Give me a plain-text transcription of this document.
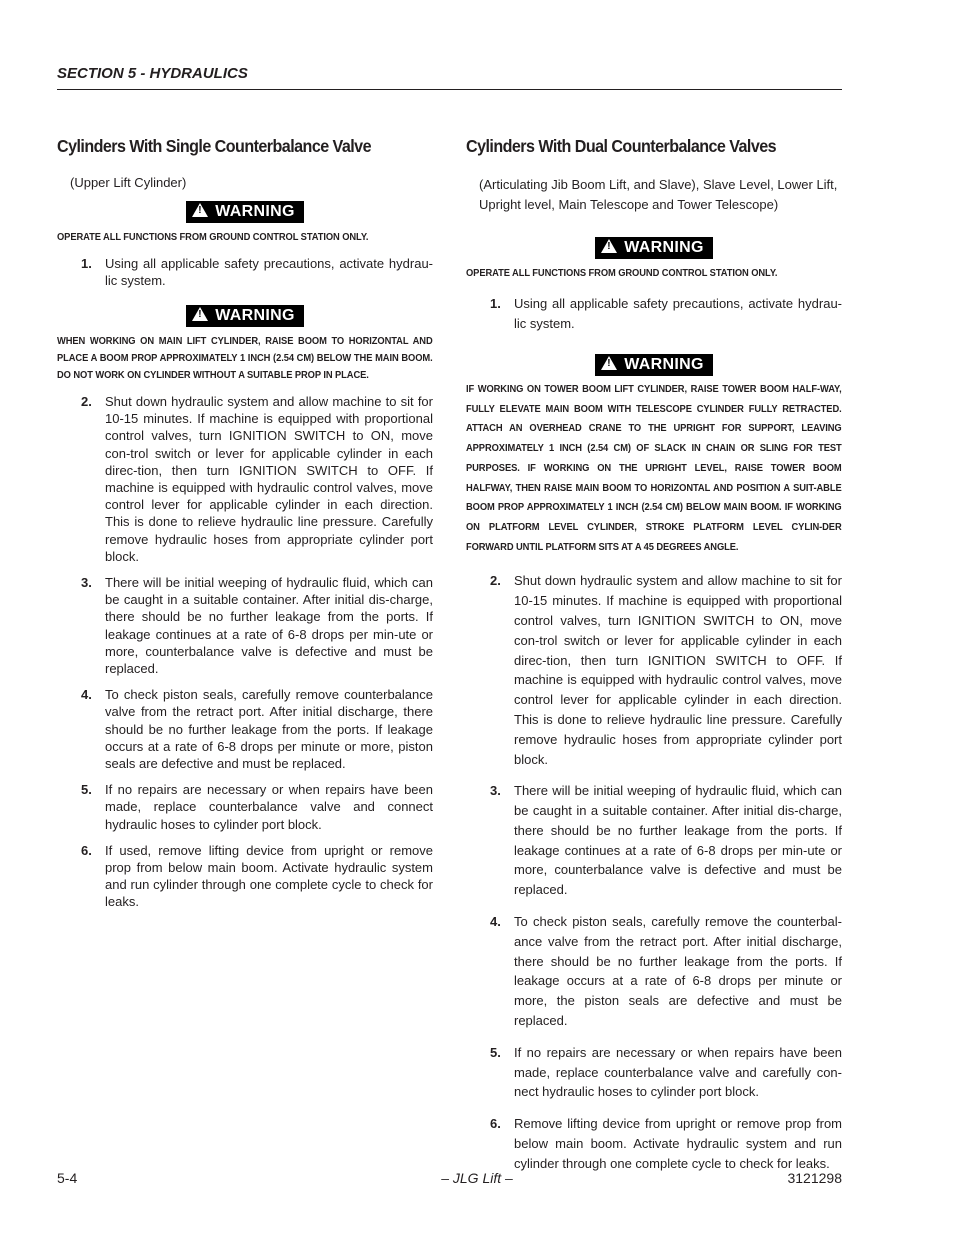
SECTION 5 - HYDRAULICS
Cylinders With Single Counterbalance Valve
(Upper Lift Cylinder)
! WARNING
OPERATE ALL FUNCTIONS FROM GROUND CONTROL STATION ONLY.
1.	Using all applicable safety precautions, activate hydrau-lic system.
! WARNING
WHEN WORKING ON MAIN LIFT CYLINDER, RAISE BOOM TO HORIZONTAL AND PLACE A BOOM PROP APPROXIMATELY 1 INCH (2.54 CM) BELOW THE MAIN BOOM. DO NOT WORK ON CYLINDER WITHOUT A SUITABLE PROP IN PLACE.
2.	Shut down hydraulic system and allow machine to sit for 10-15 minutes. If machine is equipped with proportional control valves, turn IGNITION SWITCH to ON, move con-trol switch or lever for applicable cylinder in each direc-tion, then turn IGNITION SWITCH to OFF. If machine is equipped with hydraulic control valves, move control lever for applicable cylinder in each direction. This is done to relieve hydraulic line pressure. Carefully remove hydraulic hoses from appropriate cylinder port block.
3.	There will be initial weeping of hydraulic fluid, which can be caught in a suitable container. After initial dis-charge, there should be no further leakage from the ports. If leakage continues at a rate of 6-8 drops per min-ute or more, counterbalance valve is defective and must be replaced.
4.	To check piston seals, carefully remove counterbalance valve from the retract port. After initial discharge, there should be no further leakage from the ports. If leakage occurs at a rate of 6-8 drops per minute or more, piston seals are defective and must be replaced.
5.	If no repairs are necessary or when repairs have been made, replace counterbalance valve and connect hydraulic hoses to cylinder port block.
6.	If used, remove lifting device from upright or remove prop from below main boom. Activate hydraulic system and run cylinder through one complete cycle to check for leaks.
Cylinders With Dual Counterbalance Valves
(Articulating Jib Boom Lift, and Slave), Slave Level, Lower Lift, Upright level, Main Telescope and Tower Telescope)
! WARNING
OPERATE ALL FUNCTIONS FROM GROUND CONTROL STATION ONLY.
1.	Using all applicable safety precautions, activate hydrau-lic system.
! WARNING
IF WORKING ON TOWER BOOM LIFT CYLINDER, RAISE TOWER BOOM HALF-WAY, FULLY ELEVATE MAIN BOOM WITH TELESCOPE CYLINDER FULLY RETRACTED. ATTACH AN OVERHEAD CRANE TO THE UPRIGHT FOR SUPPORT, LEAVING APPROXIMATELY 1 INCH (2.54 CM) OF SLACK IN CHAIN OR SLING FOR TEST PURPOSES. IF WORKING ON THE UPRIGHT LEVEL, RAISE TOWER BOOM HALFWAY, THEN RAISE MAIN BOOM TO HORIZONTAL AND POSITION A SUIT-ABLE BOOM PROP APPROXIMATELY 1 INCH (2.54 CM) BELOW MAIN BOOM. IF WORKING ON PLATFORM LEVEL CYLINDER, STROKE PLATFORM LEVEL CYLIN-DER FORWARD UNTIL PLATFORM SITS AT A 45 DEGREES ANGLE.
2.	Shut down hydraulic system and allow machine to sit for 10-15 minutes. If machine is equipped with proportional control valves, turn IGNITION SWITCH to ON, move con-trol switch or lever for applicable cylinder in each direc-tion, then turn IGNITION SWITCH to OFF. If machine is equipped with hydraulic control valves, move control lever for applicable cylinder in each direction. This is done to relieve hydraulic line pressure. Carefully remove hydraulic hoses from appropriate cylinder port block.
3.	There will be initial weeping of hydraulic fluid, which can be caught in a suitable container. After initial dis-charge, there should be no further leakage from the ports. If leakage continues at a rate of 6-8 drops per min-ute or more, counterbalance valve is defective and must be replaced.
4.	To check piston seals, carefully remove the counterbal-ance valve from the retract port. After initial discharge, there should be no further leakage from the ports. If leakage occurs at a rate of 6-8 drops per minute or more, the piston seals are defective and must be replaced.
5.	If no repairs are necessary or when repairs have been made, replace counterbalance valve and carefully con-nect hydraulic hoses to cylinder port block.
6.	Remove lifting device from upright or remove prop from below main boom. Activate hydraulic system and run cylinder through one complete cycle to check for leaks.
5-4	– JLG Lift –	3121298
